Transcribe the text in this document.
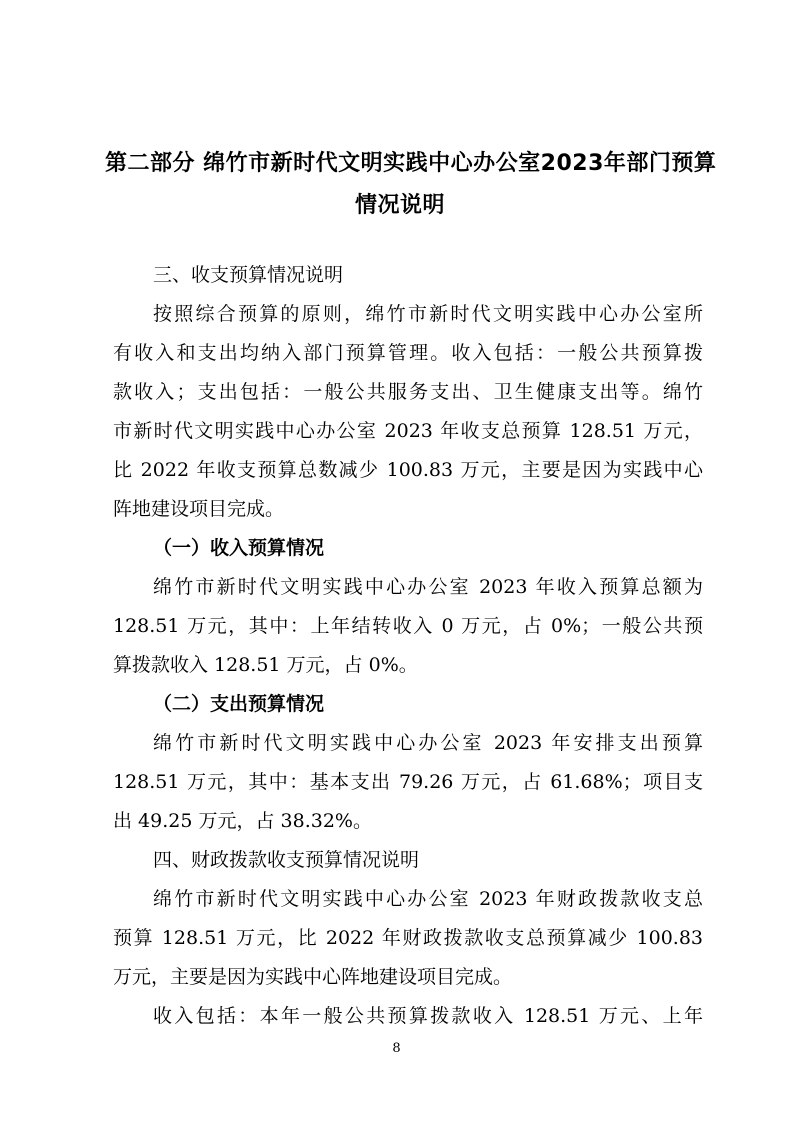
第二部分 绵竹市新时代文明实践中心办公室2023年部门预算
情况说明
三、收支预算情况说明
按照综合预算的原则，绵竹市新时代文明实践中心办公室所
有收入和支出均纳入部门预算管理。收入包括：一般公共预算拨
款收入；支出包括：一般公共服务支出、卫生健康支出等。绵竹
市新时代文明实践中心办公室 2023 年收支总预算 128.51 万元，
比 2022 年收支预算总数减少 100.83 万元，主要是因为实践中心
阵地建设项目完成。
（一）收入预算情况
绵竹市新时代文明实践中心办公室 2023 年收入预算总额为
128.51 万元，其中：上年结转收入 0 万元，占 0%；一般公共预
算拨款收入 128.51 万元，占 0%。
（二）支出预算情况
绵竹市新时代文明实践中心办公室 2023 年安排支出预算
128.51 万元，其中：基本支出 79.26 万元，占 61.68%；项目支
出 49.25 万元，占 38.32%。
四、财政拨款收支预算情况说明
绵竹市新时代文明实践中心办公室 2023 年财政拨款收支总
预算 128.51 万元，比 2022 年财政拨款收支总预算减少 100.83
万元，主要是因为实践中心阵地建设项目完成。
收入包括：本年一般公共预算拨款收入 128.51 万元、上年
8
